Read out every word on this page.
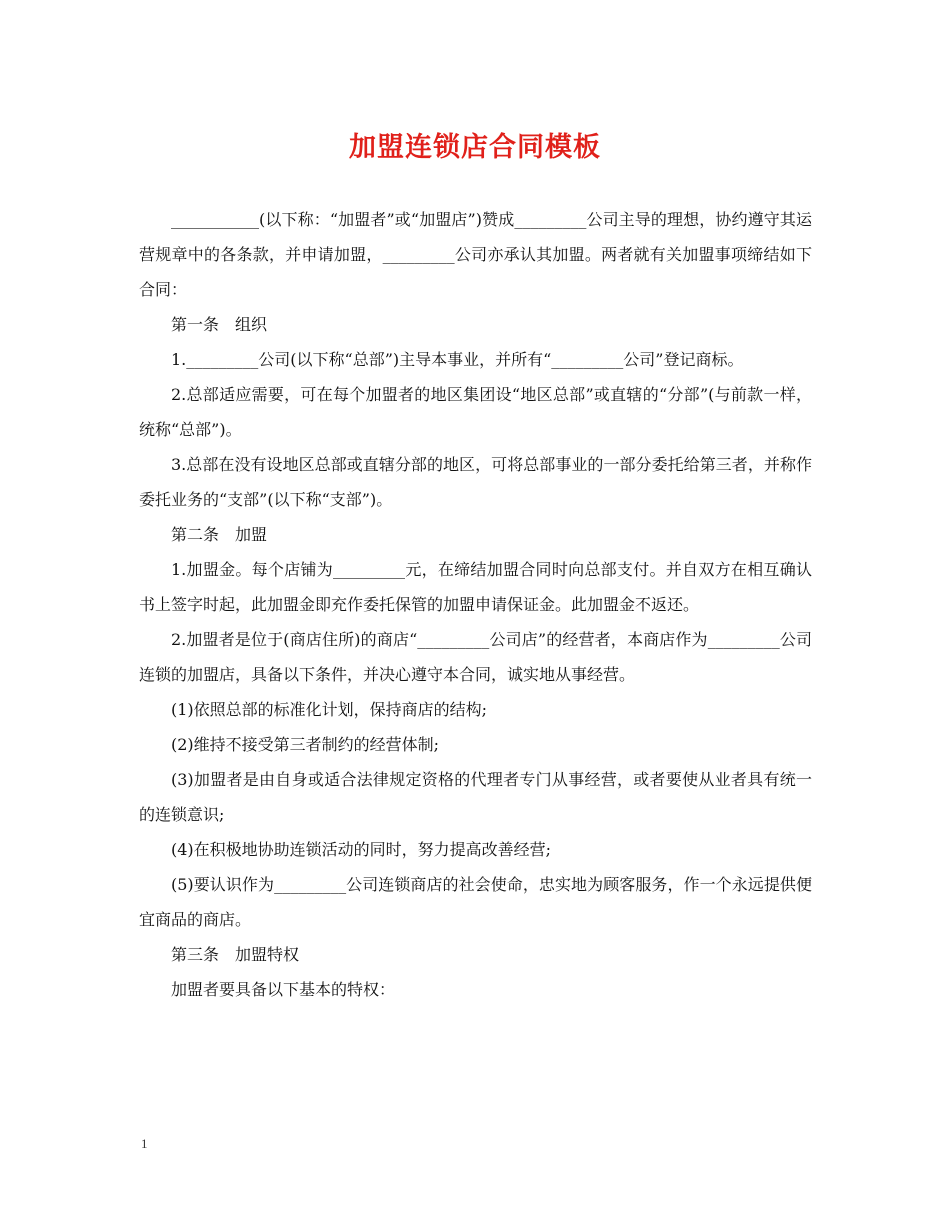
加盟连锁店合同模板

___________(以下称：“加盟者”或“加盟店”)赞成_________公司主导的理想，协约遵守其运营规章中的各条款，并申请加盟，_________公司亦承认其加盟。两者就有关加盟事项缔结如下合同：

第一条　组织

1._________公司(以下称“总部”)主导本事业，并所有“_________公司”登记商标。

2.总部适应需要，可在每个加盟者的地区集团设“地区总部”或直辖的“分部”(与前款一样，统称“总部”)。

3.总部在没有设地区总部或直辖分部的地区，可将总部事业的一部分委托给第三者，并称作委托业务的“支部”(以下称“支部”)。

第二条　加盟

1.加盟金。每个店铺为_________元，在缔结加盟合同时向总部支付。并自双方在相互确认书上签字时起，此加盟金即充作委托保管的加盟申请保证金。此加盟金不返还。

2.加盟者是位于(商店住所)的商店“_________公司店”的经营者，本商店作为_________公司连锁的加盟店，具备以下条件，并决心遵守本合同，诚实地从事经营。

(1)依照总部的标准化计划，保持商店的结构;

(2)维持不接受第三者制约的经营体制;

(3)加盟者是由自身或适合法律规定资格的代理者专门从事经营，或者要使从业者具有统一的连锁意识;

(4)在积极地协助连锁活动的同时，努力提高改善经营;

(5)要认识作为_________公司连锁商店的社会使命，忠实地为顾客服务，作一个永远提供便宜商品的商店。

第三条　加盟特权

加盟者要具备以下基本的特权：

1
